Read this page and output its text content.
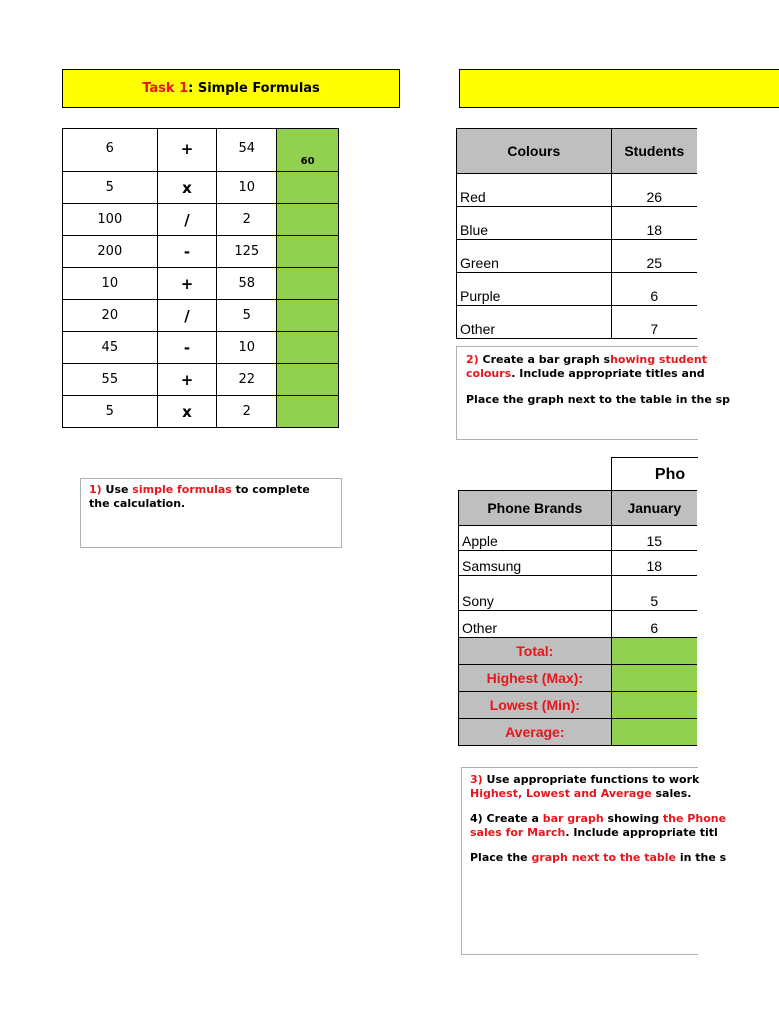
Task 1 : Simple Formulas
6	+	54	60
5	x	10	
100	/	2	
200	-	125	
10	+	58	
20	/	5	
45	-	10	
55	+	22	
5	x	2	

1) Use simple formulas to complete the calculation.

Colours	Students
Red	26
Blue	18
Green	25
Purple	6
Other	7

2) Create a bar graph showing student

colours. Include appropriate titles and

Place the graph next to the table in the sp

Pho
Phone Brands	January
Apple	15
Samsung	18
Sony	5
Other	6
Total:	
Highest (Max):	
Lowest (Min):	
Average:	

3) Use appropriate functions to work

Highest, Lowest and Average sales.

4) Create a bar graph showing the Phone

sales for March. Include appropriate titl

Place the graph next to the table in the s
